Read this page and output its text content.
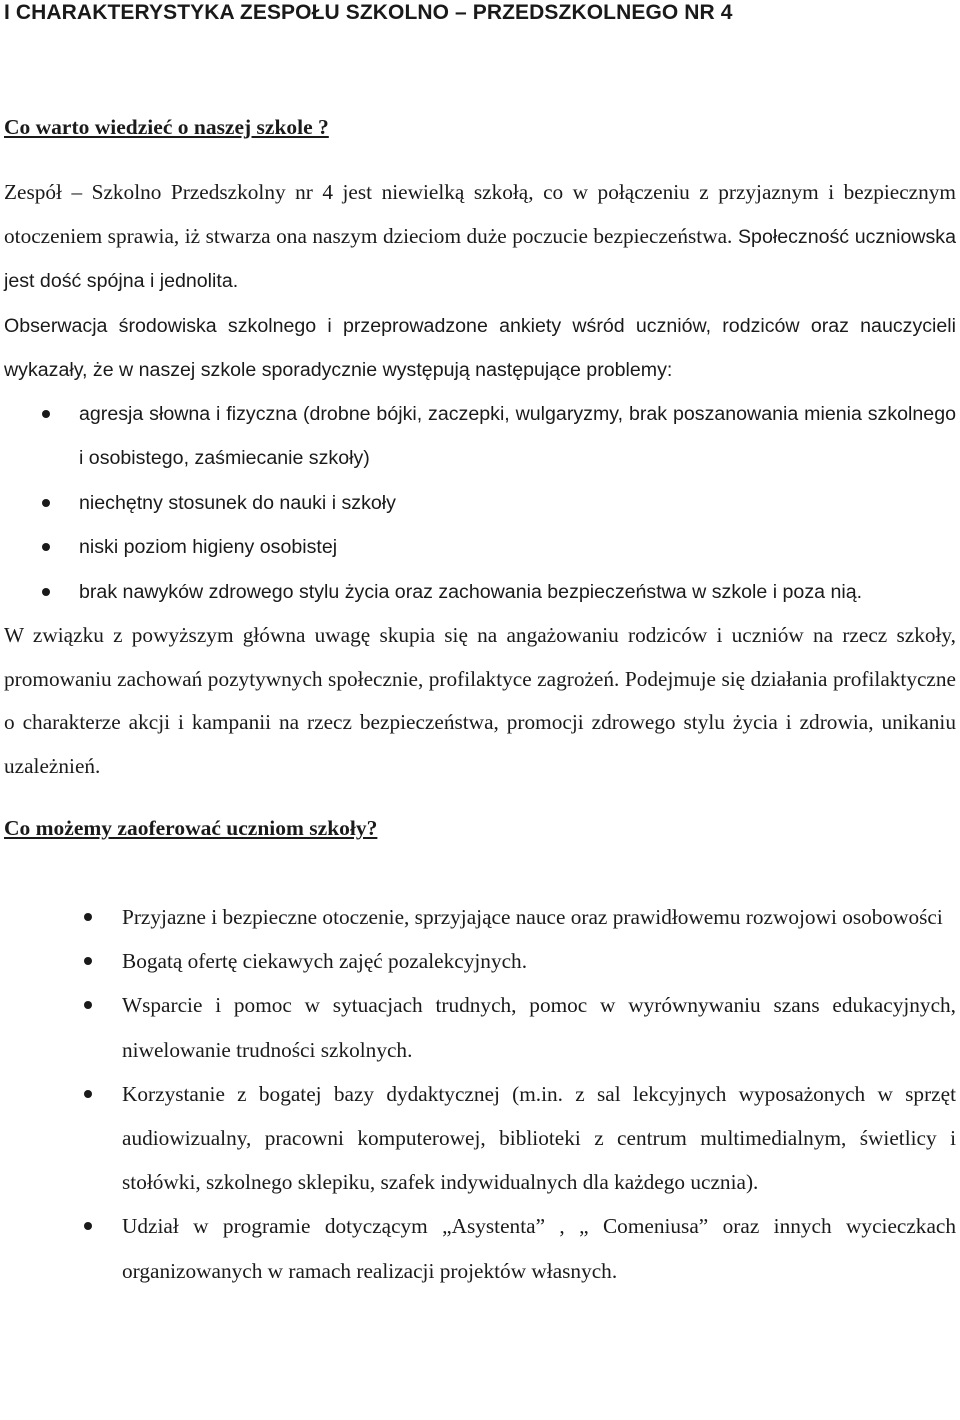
I CHARAKTERYSTYKA ZESPOŁU SZKOLNO – PRZEDSZKOLNEGO NR 4
Co warto wiedzieć o naszej szkole ?

Zespół – Szkolno Przedszkolny nr 4 jest niewielką szkołą, co w połączeniu z przyjaznym i bezpiecznym otoczeniem sprawia, iż stwarza ona naszym dzieciom duże poczucie bezpieczeństwa. Społeczność uczniowska jest dość spójna i jednolita.

Obserwacja środowiska szkolnego i przeprowadzone ankiety wśród uczniów, rodziców oraz nauczycieli wykazały, że w naszej szkole sporadycznie występują następujące problemy:

agresja słowna i fizyczna (drobne bójki, zaczepki, wulgaryzmy, brak poszanowania mienia szkolnego i osobistego, zaśmiecanie szkoły)
niechętny stosunek do nauki i szkoły
niski poziom higieny osobistej
brak nawyków zdrowego stylu życia oraz zachowania bezpieczeństwa w szkole i poza nią.

W związku z powyższym główna uwagę skupia się na angażowaniu rodziców i uczniów na rzecz szkoły, promowaniu zachowań pozytywnych społecznie, profilaktyce zagrożeń. Podejmuje się działania profilaktyczne o charakterze akcji i kampanii na rzecz bezpieczeństwa, promocji zdrowego stylu życia i zdrowia, unikaniu uzależnień.

Co możemy zaoferować uczniom szkoły?
Przyjazne i bezpieczne otoczenie, sprzyjające nauce oraz prawidłowemu rozwojowi osobowości
Bogatą ofertę ciekawych zajęć pozalekcyjnych.
Wsparcie i pomoc w sytuacjach trudnych, pomoc w wyrównywaniu szans edukacyjnych, niwelowanie trudności szkolnych.
Korzystanie z bogatej bazy dydaktycznej (m.in. z sal lekcyjnych wyposażonych w sprzęt audiowizualny, pracowni komputerowej, biblioteki z centrum multimedialnym, świetlicy i stołówki, szkolnego sklepiku, szafek indywidualnych dla każdego ucznia).
Udział w programie dotyczącym „Asystenta” , „ Comeniusa” oraz innych wycieczkach organizowanych w ramach realizacji projektów własnych.
